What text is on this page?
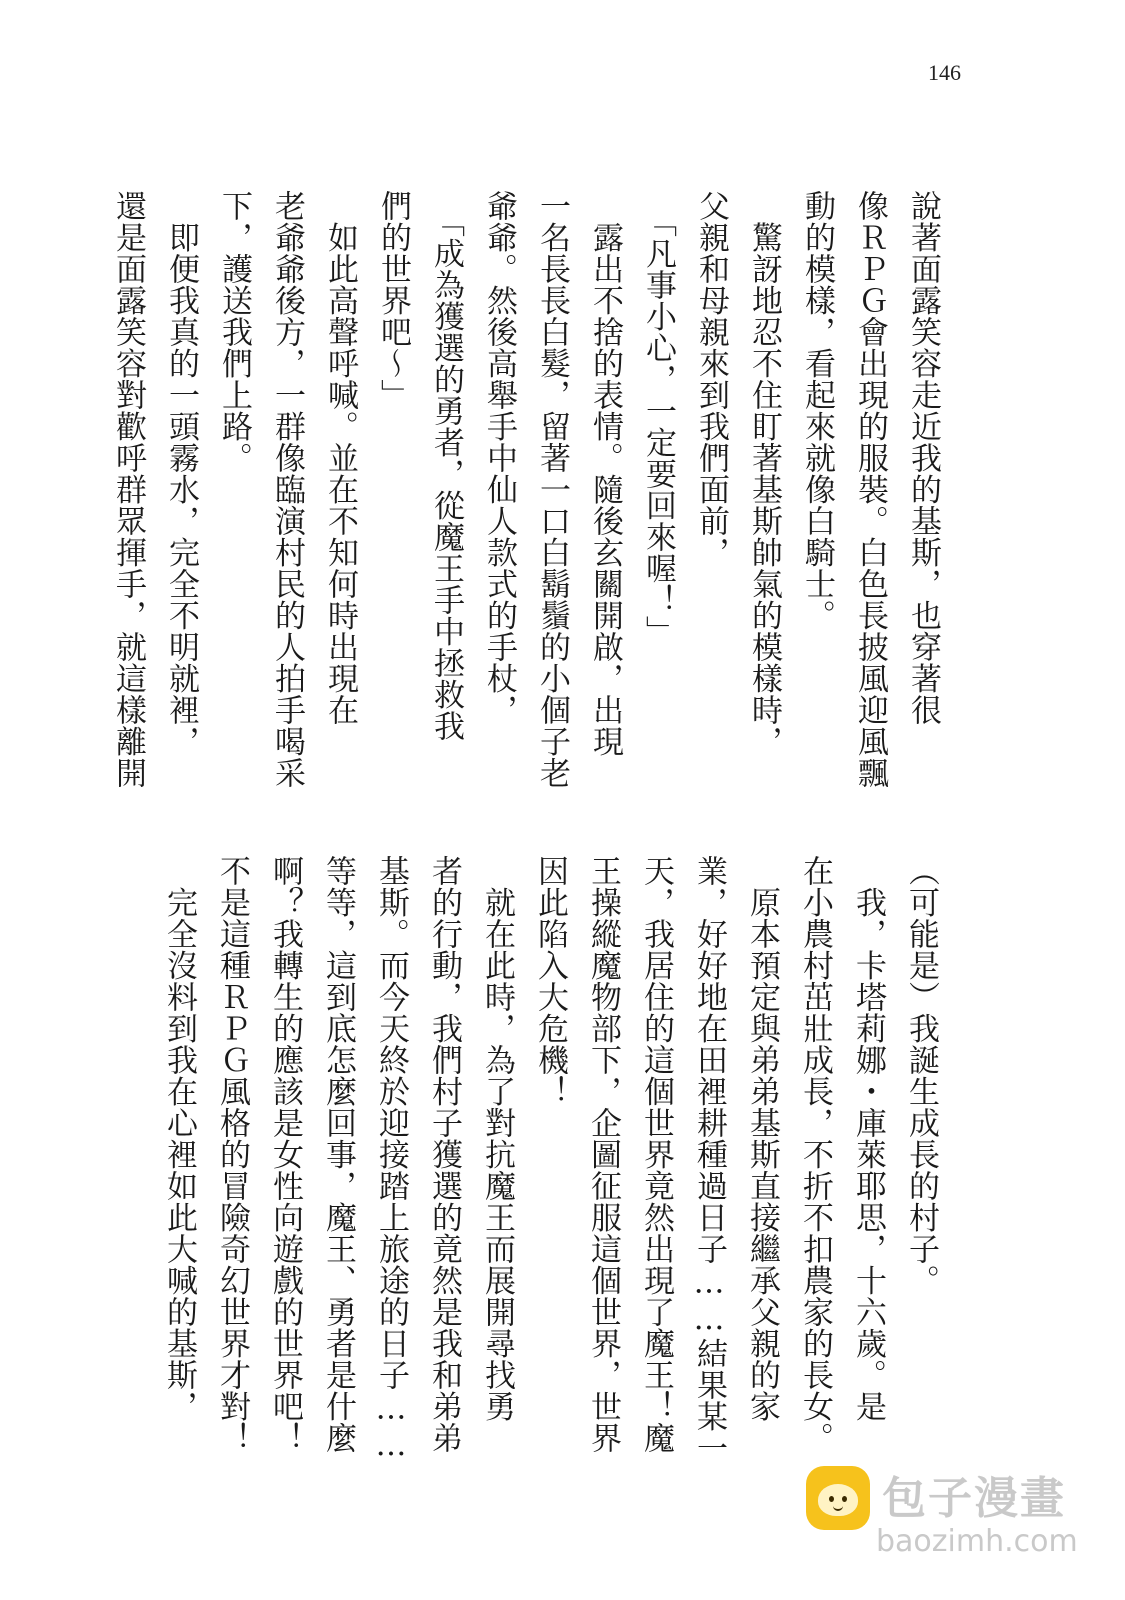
146
說著面露笑容走近我的基斯，也穿著很
像ＲＰＧ會出現的服裝。白色長披風迎風飄
動的模樣，看起來就像白騎士。
　驚訝地忍不住盯著基斯帥氣的模樣時，
父親和母親來到我們面前，
　「凡事小心，一定要回來喔！」
　露出不捨的表情。隨後玄關開啟，出現
一名長長白髮，留著一口白鬍鬚的小個子老
爺爺。然後高舉手中仙人款式的手杖，
　「成為獲選的勇者，從魔王手中拯救我
們的世界吧～」
　如此高聲呼喊。並在不知何時出現在
老爺爺後方，一群像臨演村民的人拍手喝采
下，護送我們上路。
　即便我真的一頭霧水，完全不明就裡，
還是面露笑容對歡呼群眾揮手，就這樣離開
（可能是）我誕生成長的村子。
　我，卡塔莉娜・庫萊耶思，十六歲。是
在小農村茁壯成長，不折不扣農家的長女。
　原本預定與弟弟基斯直接繼承父親的家
業，好好地在田裡耕種過日子……結果某一
天，我居住的這個世界竟然出現了魔王！魔
王操縱魔物部下，企圖征服這個世界，世界
因此陷入大危機！
　就在此時，為了對抗魔王而展開尋找勇
者的行動，我們村子獲選的竟然是我和弟弟
基斯。而今天終於迎接踏上旅途的日子……
等等，這到底怎麼回事，魔王、勇者是什麼
啊？我轉生的應該是女性向遊戲的世界吧！
不是這種ＲＰＧ風格的冒險奇幻世界才對！
　完全沒料到我在心裡如此大喊的基斯，
包子漫畫
baozimh.com
